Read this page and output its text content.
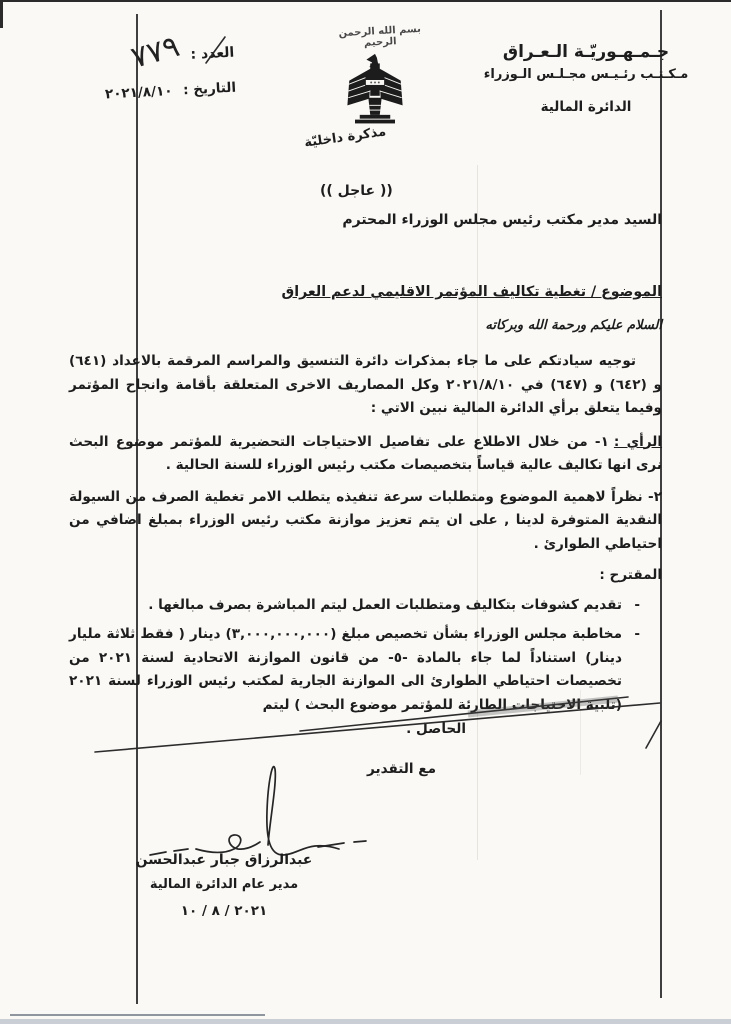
بسم الله الرحمن الرحيم
مذكرة داخليّة
جـمـهـوريّـة الـعـراق
مـكـتـب رئـيـس مجـلـس الـوزراء
الدائرة المالية
العدد :
٧٧٩
التاريخ : ٢٠٢١/٨/١٠
(( عاجل ))
السيد مدير مكتب رئيس مجلس الوزراء المحترم
الموضوع / تغطية تكاليف المؤتمر الاقليمي لدعم العراق
السلام عليكم ورحمة الله وبركاته

توجيه سيادتكم على ما جاء بمذكرات دائرة التنسيق والمراسم المرقمة بالاعداد (٦٤١) و (٦٤٢) و (٦٤٧) في ٢٠٢١/٨/١٠ وكل المصاريف الاخرى المتعلقة بأقامة وانجاح المؤتمر وفيما يتعلق برأي الدائرة المالية نبين الاتي :

الرأي :١- من خلال الاطلاع على تفاصيل الاحتياجات التحضيرية للمؤتمر موضوع البحث نرى انها تكاليف عالية قياساً بتخصيصات مكتب رئيس الوزراء للسنة الحالية .

٢- نظراً لاهمية الموضوع ومتطلبات سرعة تنفيذه يتطلب الامر تغطية الصرف من السيولة النقدية المتوفرة لدينا , على ان يتم تعزيز موازنة مكتب رئيس الوزراء بمبلغ اضافي من احتياطي الطوارئ .

المقترح :

-
تقديم كشوفات بتكاليف ومتطلبات العمل ليتم المباشرة بصرف مبالغها .
-
مخاطبة مجلس الوزراء بشأن تخصيص مبلغ (٣,٠٠٠,٠٠٠,٠٠٠) دينار ( فقط ثلاثة مليار دينار) استناداً لما جاء بالمادة -٥- من قانون الموازنة الاتحادية لسنة ٢٠٢١ من تخصيصات احتياطي الطوارئ الى الموازنة الجارية لمكتب رئيس الوزراء لسنة ٢٠٢١ (تلبية الاحتياجات الطارئة للمؤتمر موضوع البحث ) ليتم
الحاصل .
مع التقدير
عبدالرزاق جبار عبدالحسن
مدير عام الدائرة المالية
٢٠٢١ / ٨ / ١٠
